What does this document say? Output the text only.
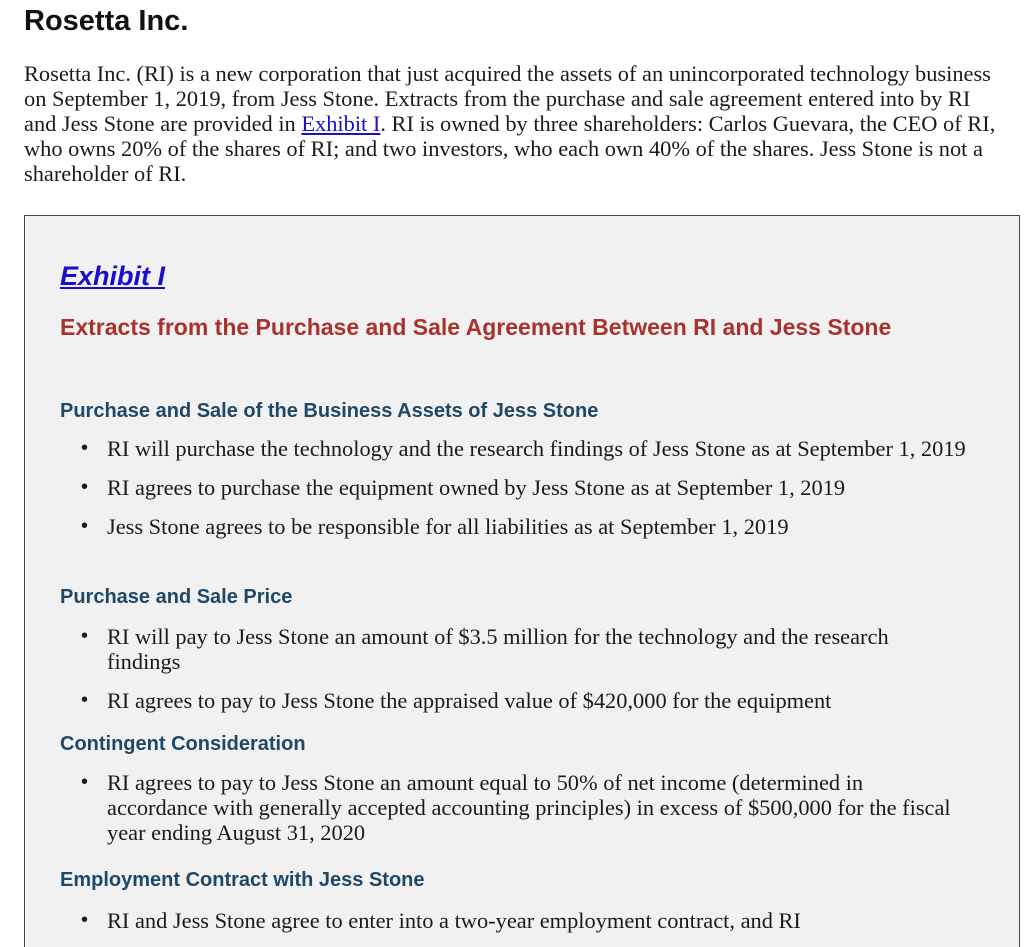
Rosetta Inc.

Rosetta Inc. (RI) is a new corporation that just acquired the assets of an unincorporated technology business on September 1, 2019, from Jess Stone. Extracts from the purchase and sale agreement entered into by RI and Jess Stone are provided in Exhibit I. RI is owned by three shareholders: Carlos Guevara, the CEO of RI, who owns 20% of the shares of RI; and two investors, who each own 40% of the shares. Jess Stone is not a shareholder of RI.

Exhibit I
Extracts from the Purchase and Sale Agreement Between RI and Jess Stone
Purchase and Sale of the Business Assets of Jess Stone
• RI will purchase the technology and the research findings of Jess Stone as at September 1, 2019
• RI agrees to purchase the equipment owned by Jess Stone as at September 1, 2019
• Jess Stone agrees to be responsible for all liabilities as at September 1, 2019
Purchase and Sale Price
• RI will pay to Jess Stone an amount of $3.5 million for the technology and the research findings
• RI agrees to pay to Jess Stone the appraised value of $420,000 for the equipment
Contingent Consideration
• RI agrees to pay to Jess Stone an amount equal to 50% of net income (determined in accordance with generally accepted accounting principles) in excess of $500,000 for the fiscal year ending August 31, 2020
Employment Contract with Jess Stone
• RI and Jess Stone agree to enter into a two-year employment contract, and RI
